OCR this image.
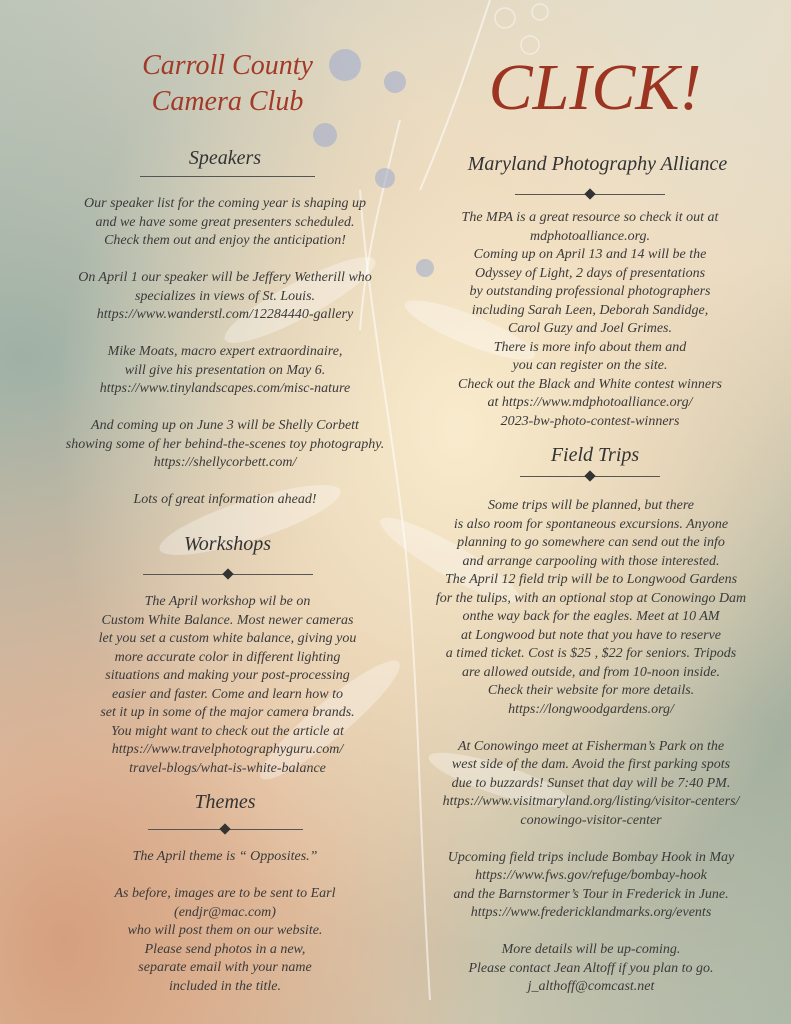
Carroll County
Camera Club	CLICK!
Speakers
Our speaker list for the coming year is shaping up
and we have some great presenters scheduled.
Check them out and enjoy the anticipation!

On April 1 our speaker will be Jeffery Wetherill who
specializes in views of St. Louis.
https://www.wanderstl.com/12284440-gallery

Mike Moats, macro expert extraordinaire,
will give his presentation on May 6.
https://www.tinylandscapes.com/misc-nature

And coming up on June 3 will be Shelly Corbett
showing some of her behind-the-scenes toy photography.
https://shellycorbett.com/

Lots of great information ahead!
Workshops
The April workshop wil be on
Custom White Balance. Most newer cameras
let you set a custom white balance, giving you
more accurate color in different lighting
situations and making your post-processing
easier and faster. Come and learn how to
set it up in some of the major camera brands.
You might want to check out the article at
https://www.travelphotographyguru.com/
travel-blogs/what-is-white-balance
Themes
The April theme is “ Opposites.”

As before, images are to be sent to Earl
(endjr@mac.com)
who will post them on our website.
Please send photos in a new,
separate email with your name
included in the title.
Maryland Photography Alliance
The MPA is a great resource so check it out at
mdphotoalliance.org.
Coming up on April 13 and 14 will be the
Odyssey of Light, 2 days of presentations
by outstanding professional photographers
including Sarah Leen, Deborah Sandidge,
Carol Guzy and Joel Grimes.
There is more info about them and
you can register on the site.
Check out the Black and White contest winners
at https://www.mdphotoalliance.org/
2023-bw-photo-contest-winners
Field Trips
Some trips will be planned, but there
is also room for spontaneous excursions. Anyone
planning to go somewhere can send out the info
and arrange carpooling with those interested.
The April 12 field trip will be to Longwood Gardens
for the tulips, with an optional stop at Conowingo Dam
onthe way back for the eagles. Meet at 10 AM
at Longwood but note that you have to reserve
a timed ticket. Cost is $25 , $22 for seniors. Tripods
are allowed outside, and from 10-noon inside.
Check their website for more details.
https://longwoodgardens.org/

At Conowingo meet at Fisherman’s Park on the
west side of the dam. Avoid the first parking spots
due to buzzards! Sunset that day will be 7:40 PM.
https://www.visitmaryland.org/listing/visitor-centers/
conowingo-visitor-center

Upcoming field trips include Bombay Hook in May
https://www.fws.gov/refuge/bombay-hook
and the Barnstormer’s Tour in Frederick in June.
https://www.fredericklandmarks.org/events

More details will be up-coming.
Please contact Jean Altoff if you plan to go.
j_althoff@comcast.net
